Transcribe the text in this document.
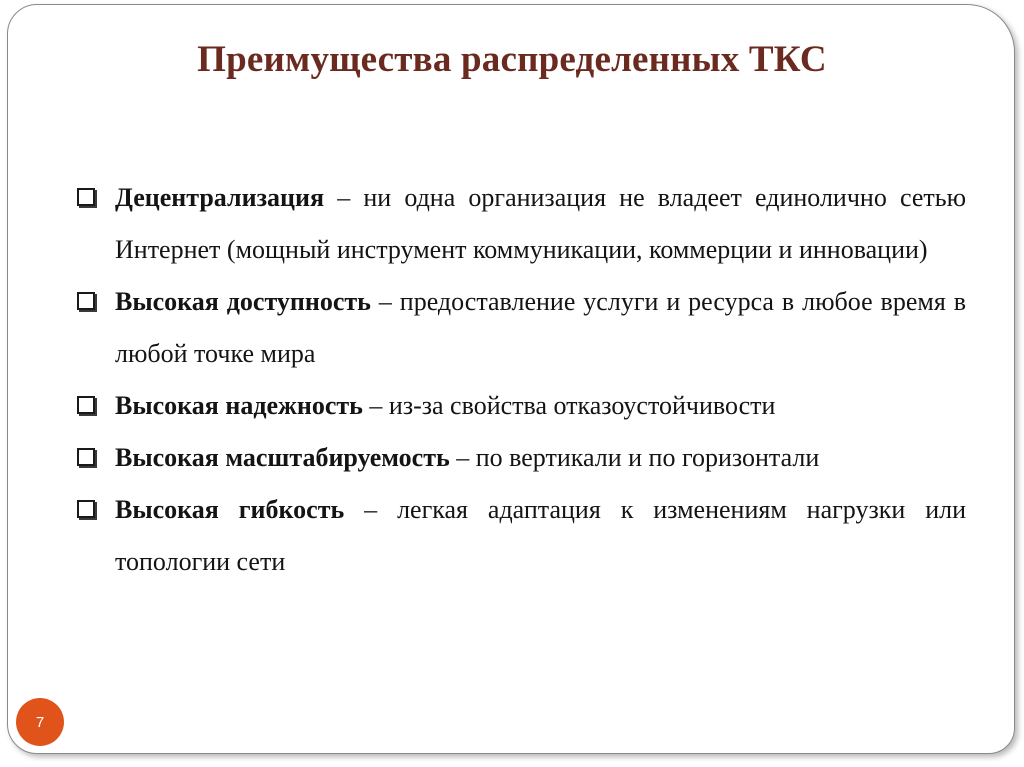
Преимущества распределенных ТКС
Децентрализация – ни одна организация не владеет единолично сетью Интернет (мощный инструмент коммуникации, коммерции и инновации)
Высокая доступность – предоставление услуги и ресурса в любое время в любой точке мира
Высокая надежность – из-за свойства отказоустойчивости
Высокая масштабируемость – по вертикали и по горизонтали
Высокая гибкость – легкая адаптация к изменениям нагрузки или топологии сети
7
